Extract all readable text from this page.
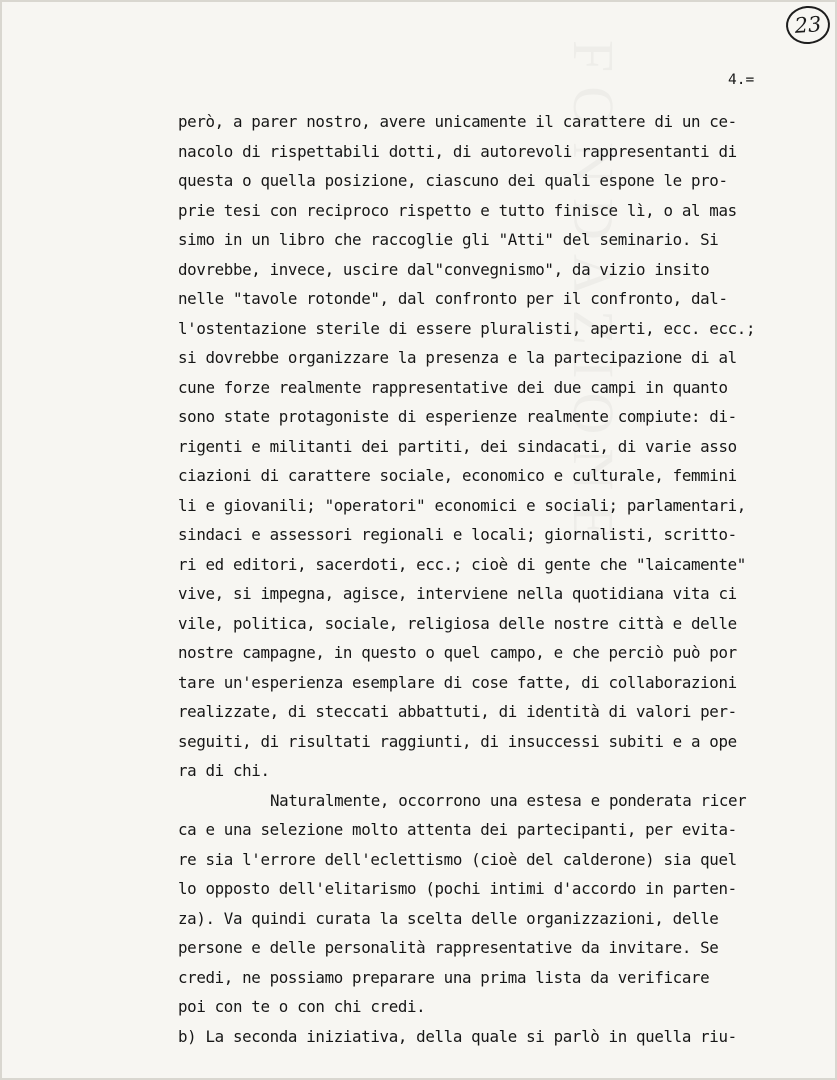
23
4.=
però, a parer nostro, avere unicamente il carattere di un ce-
nacolo di rispettabili dotti, di autorevoli rappresentanti di
questa o quella posizione, ciascuno dei quali espone le pro-
prie tesi con reciproco rispetto e tutto finisce lì, o al mas
simo in un libro che raccoglie gli "Atti" del seminario. Si
dovrebbe, invece, uscire dal"convegnismo", da vizio insito
nelle "tavole rotonde", dal confronto per il confronto, dal-
l'ostentazione sterile di essere pluralisti, aperti, ecc. ecc.;
si dovrebbe organizzare la presenza e la partecipazione di al
cune forze realmente rappresentative dei due campi in quanto
sono state protagoniste di esperienze realmente compiute: di-
rigenti e militanti dei partiti, dei sindacati, di varie asso
ciazioni di carattere sociale, economico e culturale, femmini
li e giovanili; "operatori" economici e sociali; parlamentari,
sindaci e assessori regionali e locali; giornalisti, scritto-
ri ed editori, sacerdoti, ecc.; cioè di gente che "laicamente"
vive, si impegna, agisce, interviene nella quotidiana vita ci
vile, politica, sociale, religiosa delle nostre città e delle
nostre campagne, in questo o quel campo, e che perciò può por
tare un'esperienza esemplare di cose fatte, di collaborazioni
realizzate, di steccati abbattuti, di identità di valori per-
seguiti, di risultati raggiunti, di insuccessi subiti e a ope
ra di chi.
Naturalmente, occorrono una estesa e ponderata ricer
ca e una selezione molto attenta dei partecipanti, per evita-
re sia l'errore dell'eclettismo (cioè del calderone) sia quel
lo opposto dell'elitarismo (pochi intimi d'accordo in parten-
za). Va quindi curata la scelta delle organizzazioni, delle
persone e delle personalità rappresentative da invitare. Se
credi, ne possiamo preparare una prima lista da verificare
poi con te o con chi credi.
b) La seconda iniziativa, della quale si parlò in quella riu-
